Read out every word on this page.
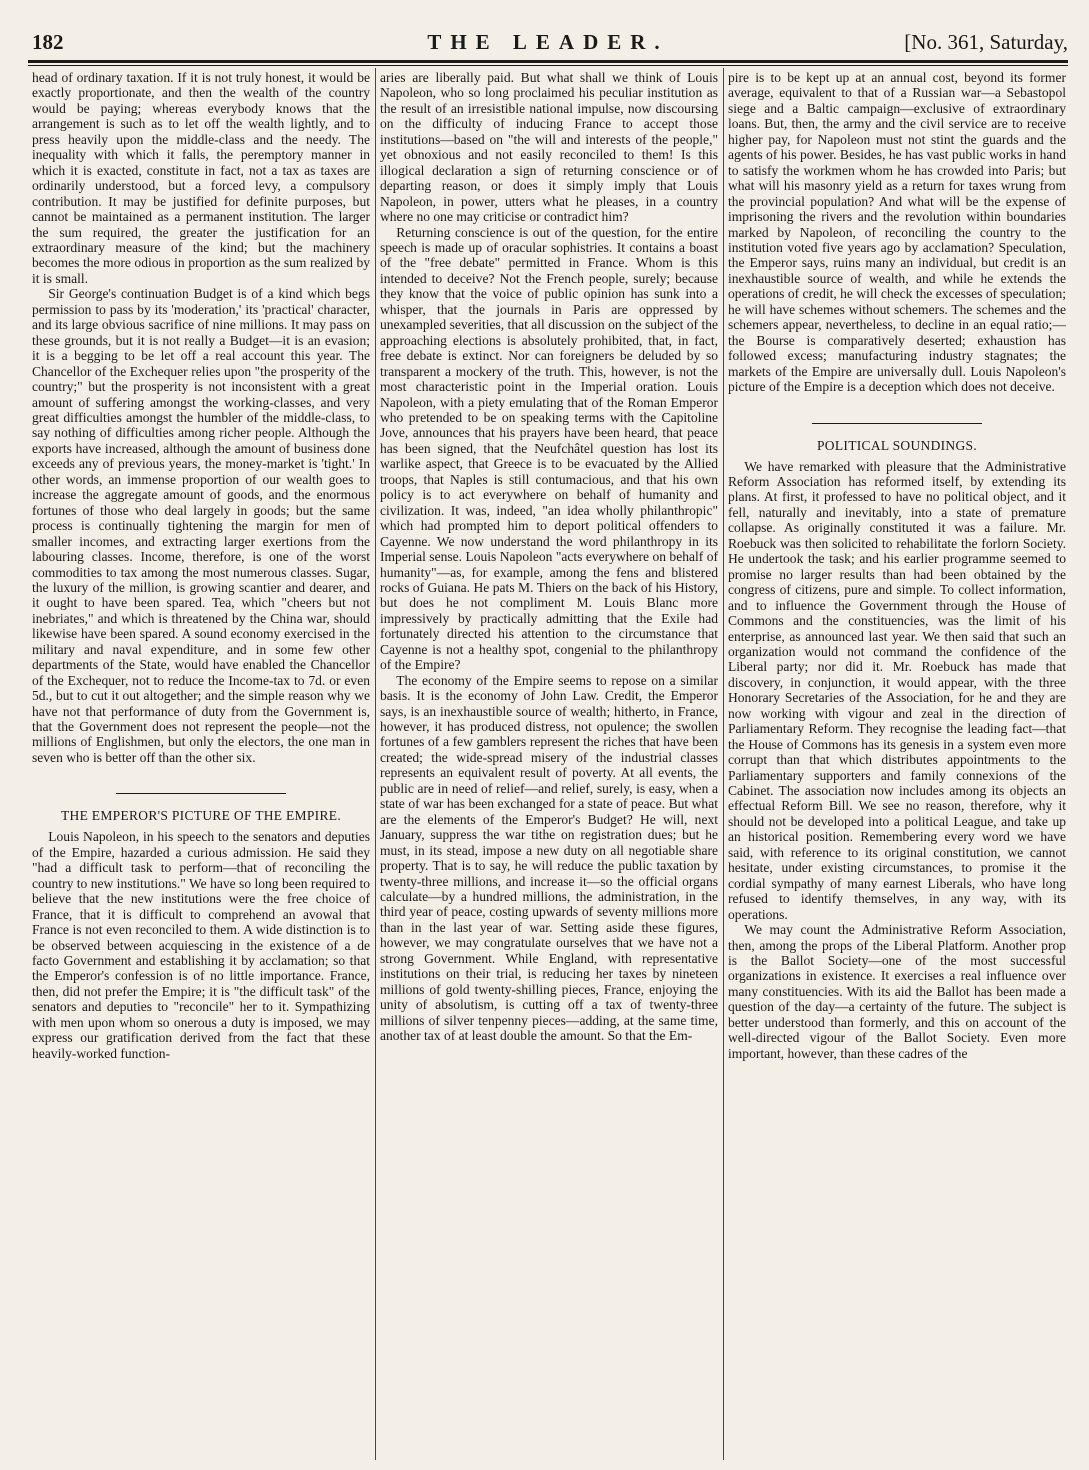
182	THE LEADER.	[No. 361, Saturday,

head of ordinary taxation. If it is not truly honest, it would be exactly proportionate, and then the wealth of the country would be paying; whereas everybody knows that the arrangement is such as to let off the wealth lightly, and to press heavily upon the middle-class and the needy. The inequality with which it falls, the peremptory manner in which it is exacted, constitute in fact, not a tax as taxes are ordinarily understood, but a forced levy, a compulsory contribution. It may be justified for definite purposes, but cannot be maintained as a permanent institution. The larger the sum required, the greater the justification for an extraordinary measure of the kind; but the machinery becomes the more odious in proportion as the sum realized by it is small.

Sir George's continuation Budget is of a kind which begs permission to pass by its 'moderation,' its 'practical' character, and its large obvious sacrifice of nine millions. It may pass on these grounds, but it is not really a Budget—it is an evasion; it is a begging to be let off a real account this year. The Chancellor of the Exchequer relies upon "the prosperity of the country;" but the prosperity is not inconsistent with a great amount of suffering amongst the working-classes, and very great difficulties amongst the humbler of the middle-class, to say nothing of difficulties among richer people. Although the exports have increased, although the amount of business done exceeds any of previous years, the money-market is 'tight.' In other words, an immense proportion of our wealth goes to increase the aggregate amount of goods, and the enormous fortunes of those who deal largely in goods; but the same process is continually tightening the margin for men of smaller incomes, and extracting larger exertions from the labouring classes. Income, therefore, is one of the worst commodities to tax among the most numerous classes. Sugar, the luxury of the million, is growing scantier and dearer, and it ought to have been spared. Tea, which "cheers but not inebriates," and which is threatened by the China war, should likewise have been spared. A sound economy exercised in the military and naval expenditure, and in some few other departments of the State, would have enabled the Chancellor of the Exchequer, not to reduce the Income-tax to 7d. or even 5d., but to cut it out altogether; and the simple reason why we have not that performance of duty from the Government is, that the Government does not represent the people—not the millions of Englishmen, but only the electors, the one man in seven who is better off than the other six.

THE EMPEROR'S PICTURE OF THE EMPIRE.

Louis Napoleon, in his speech to the senators and deputies of the Empire, hazarded a curious admission. He said they "had a difficult task to perform—that of reconciling the country to new institutions." We have so long been required to believe that the new institutions were the free choice of France, that it is difficult to comprehend an avowal that France is not even reconciled to them. A wide distinction is to be observed between acquiescing in the existence of a de facto Government and establishing it by acclamation; so that the Emperor's confession is of no little importance. France, then, did not prefer the Empire; it is "the difficult task" of the senators and deputies to "reconcile" her to it. Sympathizing with men upon whom so onerous a duty is imposed, we may express our gratification derived from the fact that these heavily-worked function-

aries are liberally paid. But what shall we think of Louis Napoleon, who so long proclaimed his peculiar institution as the result of an irresistible national impulse, now discoursing on the difficulty of inducing France to accept those institutions—based on "the will and interests of the people," yet obnoxious and not easily reconciled to them! Is this illogical declaration a sign of returning conscience or of departing reason, or does it simply imply that Louis Napoleon, in power, utters what he pleases, in a country where no one may criticise or contradict him?

Returning conscience is out of the question, for the entire speech is made up of oracular sophistries. It contains a boast of the "free debate" permitted in France. Whom is this intended to deceive? Not the French people, surely; because they know that the voice of public opinion has sunk into a whisper, that the journals in Paris are oppressed by unexampled severities, that all discussion on the subject of the approaching elections is absolutely prohibited, that, in fact, free debate is extinct. Nor can foreigners be deluded by so transparent a mockery of the truth. This, however, is not the most characteristic point in the Imperial oration. Louis Napoleon, with a piety emulating that of the Roman Emperor who pretended to be on speaking terms with the Capitoline Jove, announces that his prayers have been heard, that peace has been signed, that the Neufchâtel question has lost its warlike aspect, that Greece is to be evacuated by the Allied troops, that Naples is still contumacious, and that his own policy is to act everywhere on behalf of humanity and civilization. It was, indeed, "an idea wholly philanthropic" which had prompted him to deport political offenders to Cayenne. We now understand the word philanthropy in its Imperial sense. Louis Napoleon "acts everywhere on behalf of humanity"—as, for example, among the fens and blistered rocks of Guiana. He pats M. Thiers on the back of his History, but does he not compliment M. Louis Blanc more impressively by practically admitting that the Exile had fortunately directed his attention to the circumstance that Cayenne is not a healthy spot, congenial to the philanthropy of the Empire?

The economy of the Empire seems to repose on a similar basis. It is the economy of John Law. Credit, the Emperor says, is an inexhaustible source of wealth; hitherto, in France, however, it has produced distress, not opulence; the swollen fortunes of a few gamblers represent the riches that have been created; the wide-spread misery of the industrial classes represents an equivalent result of poverty. At all events, the public are in need of relief—and relief, surely, is easy, when a state of war has been exchanged for a state of peace. But what are the elements of the Emperor's Budget? He will, next January, suppress the war tithe on registration dues; but he must, in its stead, impose a new duty on all negotiable share property. That is to say, he will reduce the public taxation by twenty-three millions, and increase it—so the official organs calculate—by a hundred millions, the administration, in the third year of peace, costing upwards of seventy millions more than in the last year of war. Setting aside these figures, however, we may congratulate ourselves that we have not a strong Government. While England, with representative institutions on their trial, is reducing her taxes by nineteen millions of gold twenty-shilling pieces, France, enjoying the unity of absolutism, is cutting off a tax of twenty-three millions of silver tenpenny pieces—adding, at the same time, another tax of at least double the amount. So that the Em-

pire is to be kept up at an annual cost, beyond its former average, equivalent to that of a Russian war—a Sebastopol siege and a Baltic campaign—exclusive of extraordinary loans. But, then, the army and the civil service are to receive higher pay, for Napoleon must not stint the guards and the agents of his power. Besides, he has vast public works in hand to satisfy the workmen whom he has crowded into Paris; but what will his masonry yield as a return for taxes wrung from the provincial population? And what will be the expense of imprisoning the rivers and the revolution within boundaries marked by Napoleon, of reconciling the country to the institution voted five years ago by acclamation? Speculation, the Emperor says, ruins many an individual, but credit is an inexhaustible source of wealth, and while he extends the operations of credit, he will check the excesses of speculation; he will have schemes without schemers. The schemes and the schemers appear, nevertheless, to decline in an equal ratio;—the Bourse is comparatively deserted; exhaustion has followed excess; manufacturing industry stagnates; the markets of the Empire are universally dull. Louis Napoleon's picture of the Empire is a deception which does not deceive.

POLITICAL SOUNDINGS.

We have remarked with pleasure that the Administrative Reform Association has reformed itself, by extending its plans. At first, it professed to have no political object, and it fell, naturally and inevitably, into a state of premature collapse. As originally constituted it was a failure. Mr. Roebuck was then solicited to rehabilitate the forlorn Society. He undertook the task; and his earlier programme seemed to promise no larger results than had been obtained by the congress of citizens, pure and simple. To collect information, and to influence the Government through the House of Commons and the constituencies, was the limit of his enterprise, as announced last year. We then said that such an organization would not command the confidence of the Liberal party; nor did it. Mr. Roebuck has made that discovery, in conjunction, it would appear, with the three Honorary Secretaries of the Association, for he and they are now working with vigour and zeal in the direction of Parliamentary Reform. They recognise the leading fact—that the House of Commons has its genesis in a system even more corrupt than that which distributes appointments to the Parliamentary supporters and family connexions of the Cabinet. The association now includes among its objects an effectual Reform Bill. We see no reason, therefore, why it should not be developed into a political League, and take up an historical position. Remembering every word we have said, with reference to its original constitution, we cannot hesitate, under existing circumstances, to promise it the cordial sympathy of many earnest Liberals, who have long refused to identify themselves, in any way, with its operations.

We may count the Administrative Reform Association, then, among the props of the Liberal Platform. Another prop is the Ballot Society—one of the most successful organizations in existence. It exercises a real influence over many constituencies. With its aid the Ballot has been made a question of the day—a certainty of the future. The subject is better understood than formerly, and this on account of the well-directed vigour of the Ballot Society. Even more important, however, than these cadres of the
